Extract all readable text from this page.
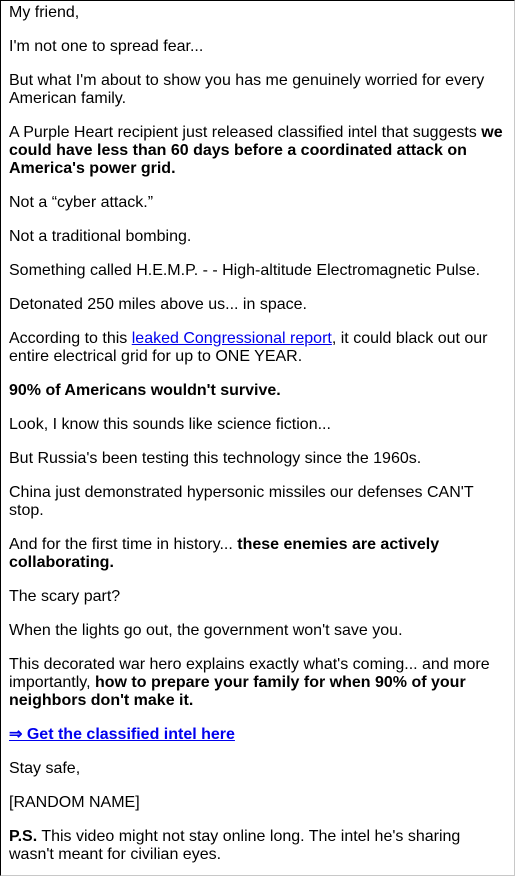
My friend,

I'm not one to spread fear...

But what I'm about to show you has me genuinely worried for every American family.

A Purple Heart recipient just released classified intel that suggests we could have less than 60 days before a coordinated attack on America's power grid.

Not a “cyber attack.”

Not a traditional bombing.

Something called H.E.M.P. - - High-altitude Electromagnetic Pulse.

Detonated 250 miles above us... in space.

According to this leaked Congressional report, it could black out our entire electrical grid for up to ONE YEAR.

90% of Americans wouldn't survive.

Look, I know this sounds like science fiction...

But Russia's been testing this technology since the 1960s.

China just demonstrated hypersonic missiles our defenses CAN'T stop.

And for the first time in history... these enemies are actively collaborating.

The scary part?

When the lights go out, the government won't save you.

This decorated war hero explains exactly what's coming... and more importantly, how to prepare your family for when 90% of your neighbors don't make it.

⇒ Get the classified intel here

Stay safe,

[RANDOM NAME]

P.S. This video might not stay online long. The intel he's sharing wasn't meant for civilian eyes.
